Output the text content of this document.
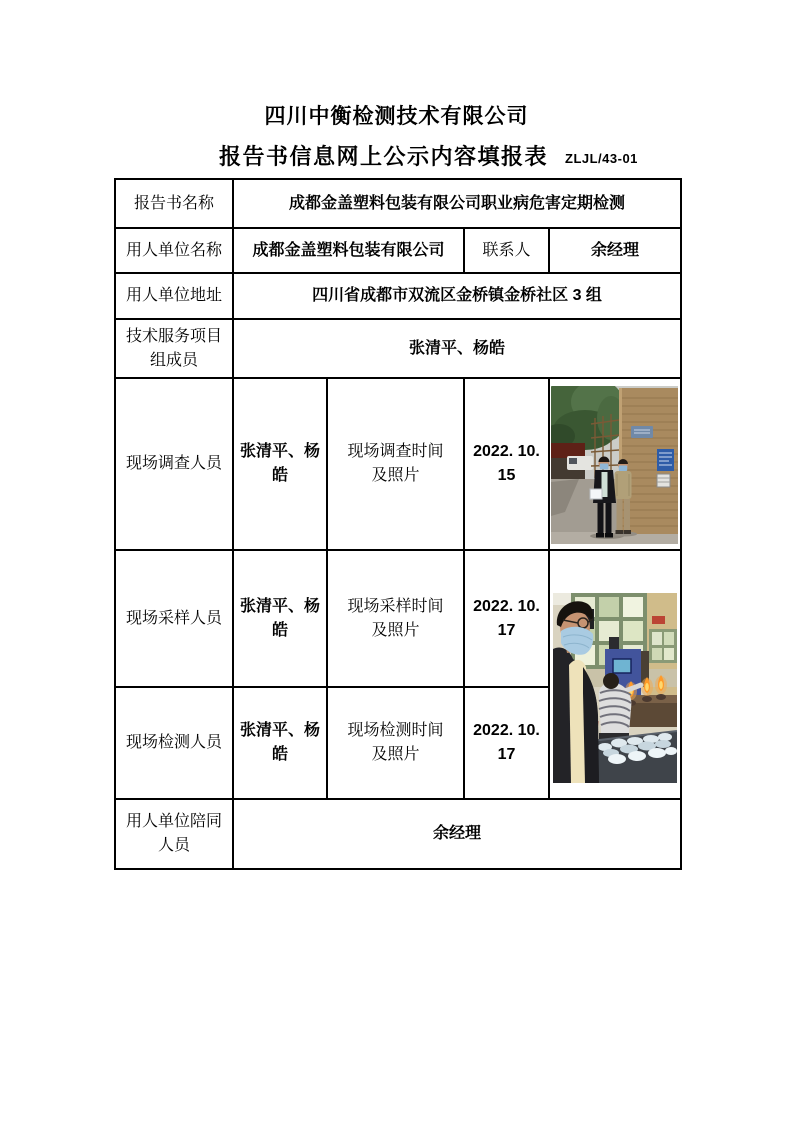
四川中衡检测技术有限公司
报告书信息网上公示内容填报表	ZLJL/43-01
报告书名称	成都金盖塑料包装有限公司职业病危害定期检测			
用人单位名称	成都金盖塑料包装有限公司		联系人	余经理
用人单位地址	四川省成都市双流区金桥镇金桥社区 3 组			
技术服务项目组成员	张清平、杨皓			
现场调查人员	张清平、杨皓	现场调查时间及照片	2022. 10. 15	

现场采样人员	张清平、杨皓	现场采样时间及照片	2022. 10. 17	

现场检测人员	张清平、杨皓	现场检测时间及照片	2022. 10. 17	
用人单位陪同人员	余经理			
